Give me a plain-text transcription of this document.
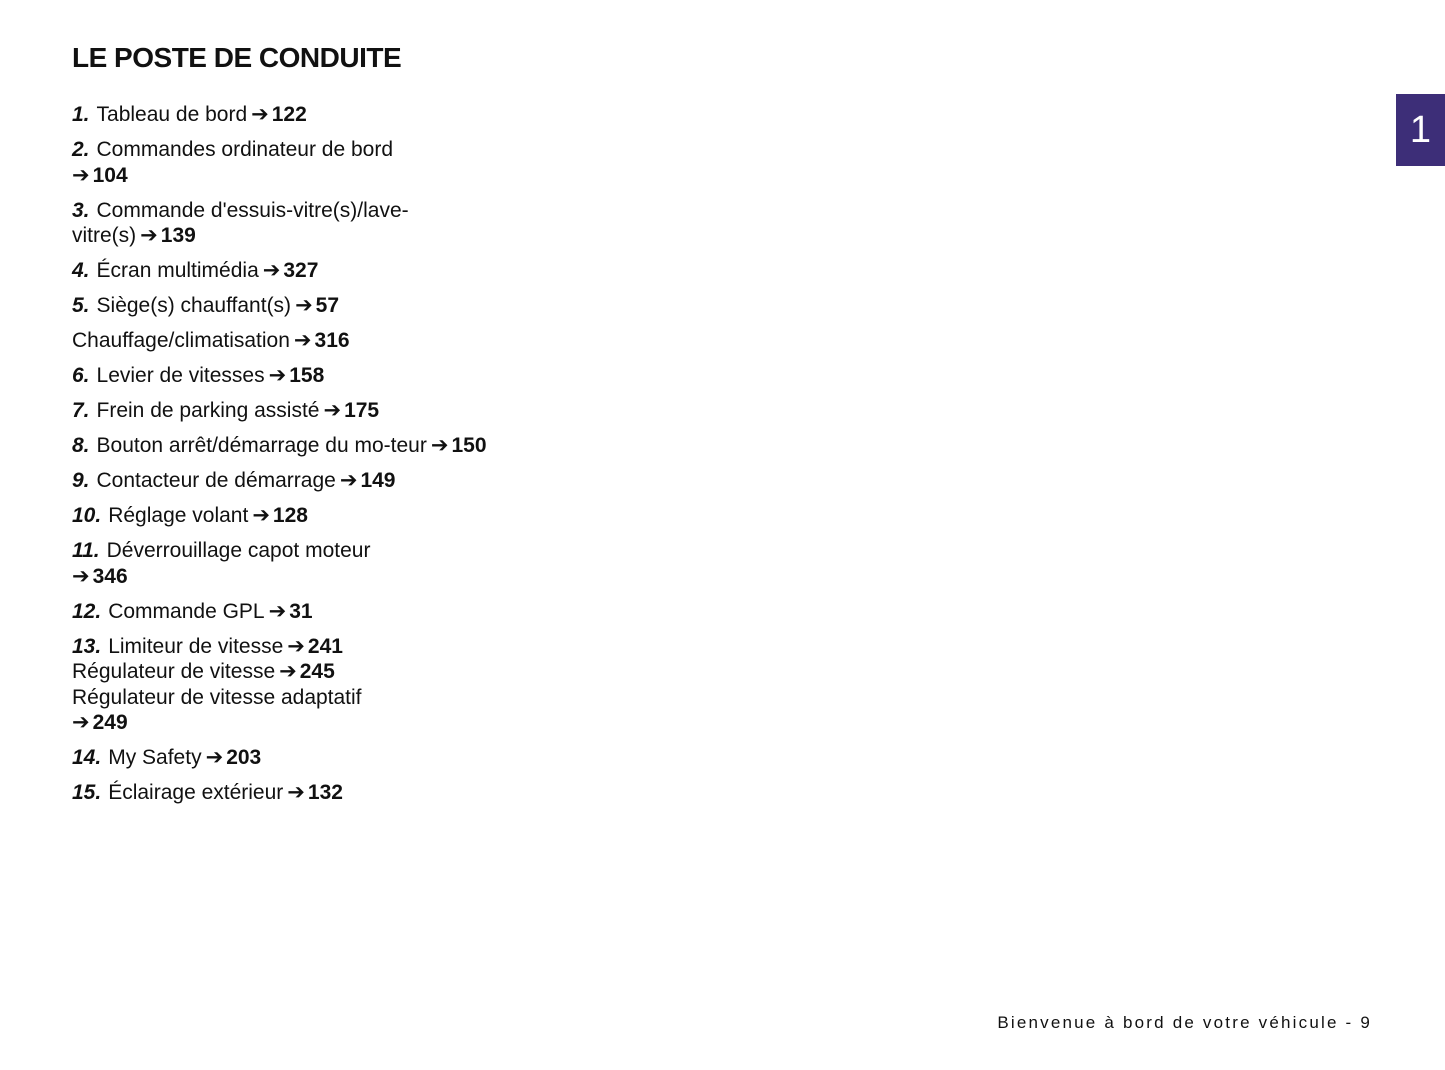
LE POSTE DE CONDUITE
1. Tableau de bord ➔ 122
2. Commandes ordinateur de bord
➔ 104
3. Commande d'essuis-vitre(s)/lave-vitre(s) ➔ 139
4. Écran multimédia ➔ 327
5. Siège(s) chauffant(s) ➔ 57
Chauffage/climatisation ➔ 316
6. Levier de vitesses ➔ 158
7. Frein de parking assisté ➔ 175
8. Bouton arrêt/démarrage du mo-teur ➔ 150
9. Contacteur de démarrage ➔ 149
10. Réglage volant ➔ 128
11. Déverrouillage capot moteur
➔ 346
12. Commande GPL ➔ 31
13. Limiteur de vitesse ➔ 241
Régulateur de vitesse ➔ 245
Régulateur de vitesse adaptatif
➔ 249
14. My Safety ➔ 203
15. Éclairage extérieur ➔ 132
1
Bienvenue à bord de votre véhicule - 9
